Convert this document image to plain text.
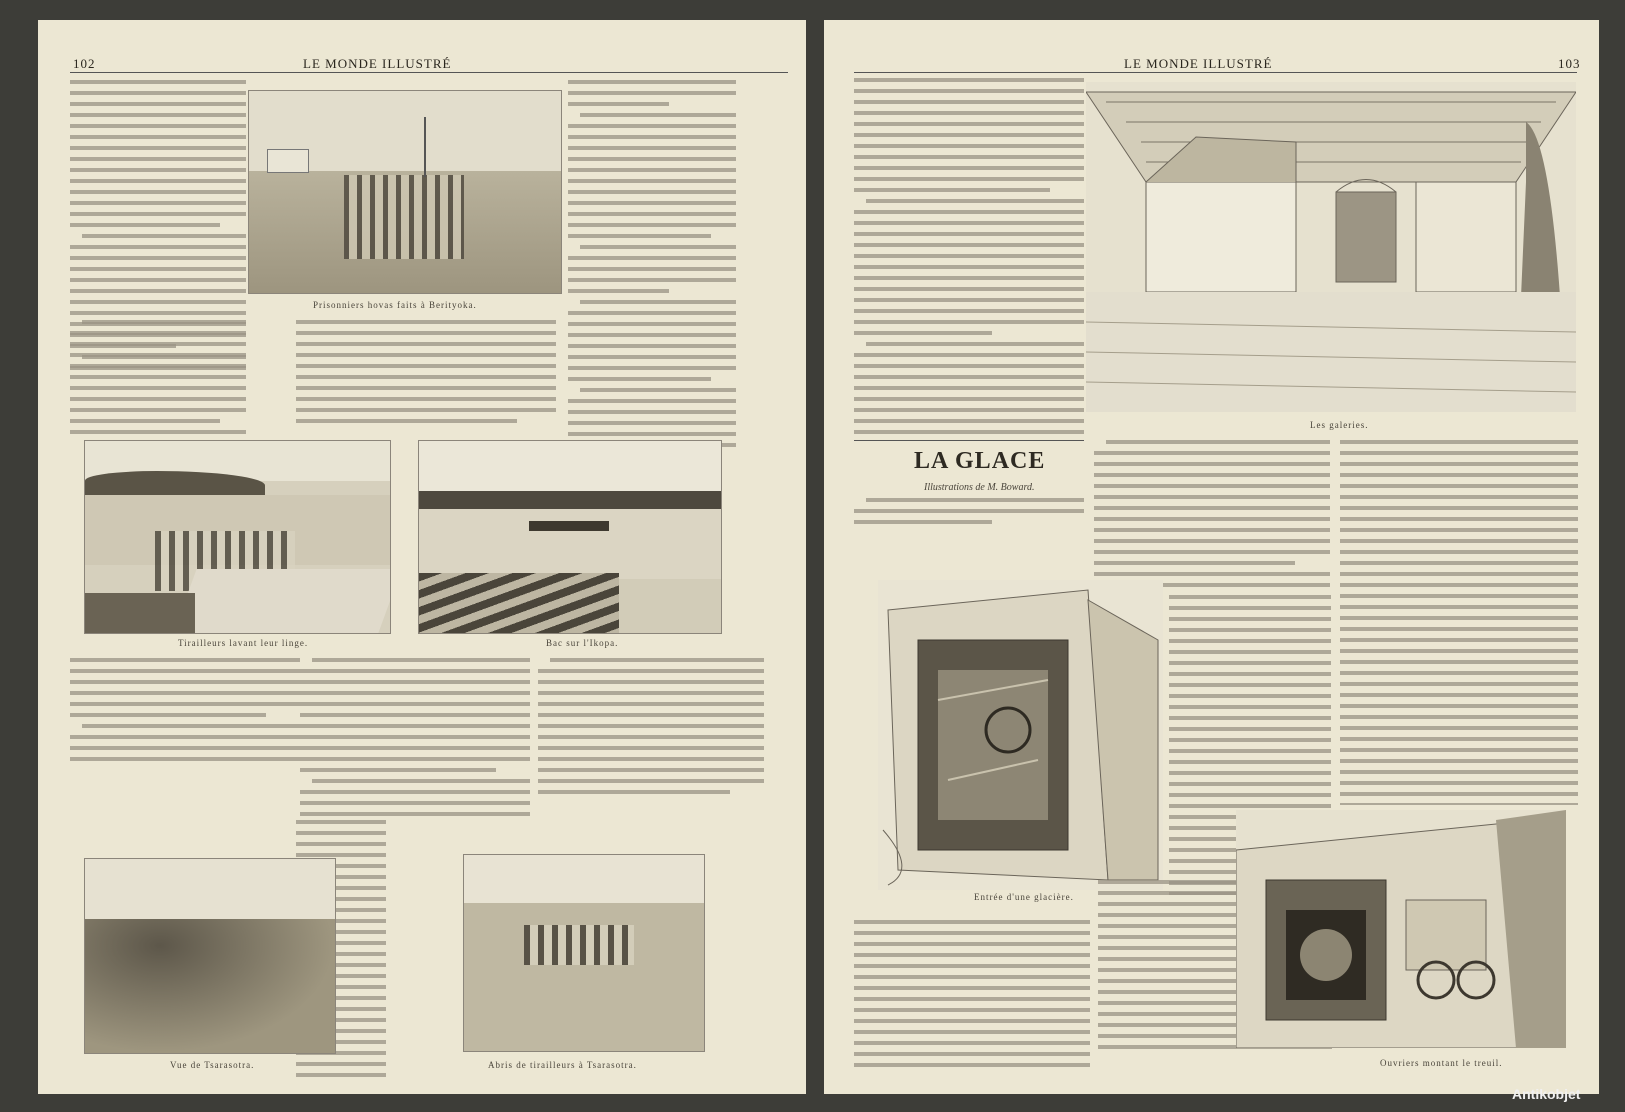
102	LE MONDE ILLUSTRÉ
Prisonniers hovas faits à Berityoka.
Tirailleurs lavant leur linge.	Bac sur l'Ikopa.
Vue de Tsarasotra.	Abris de tirailleurs à Tsarasotra.
LE MONDE ILLUSTRÉ	103
Les galeries.
LA GLACE
Illustrations de M. Boward.
Entrée d'une glacière.
Ouvriers montant le treuil.
Antikobjet
